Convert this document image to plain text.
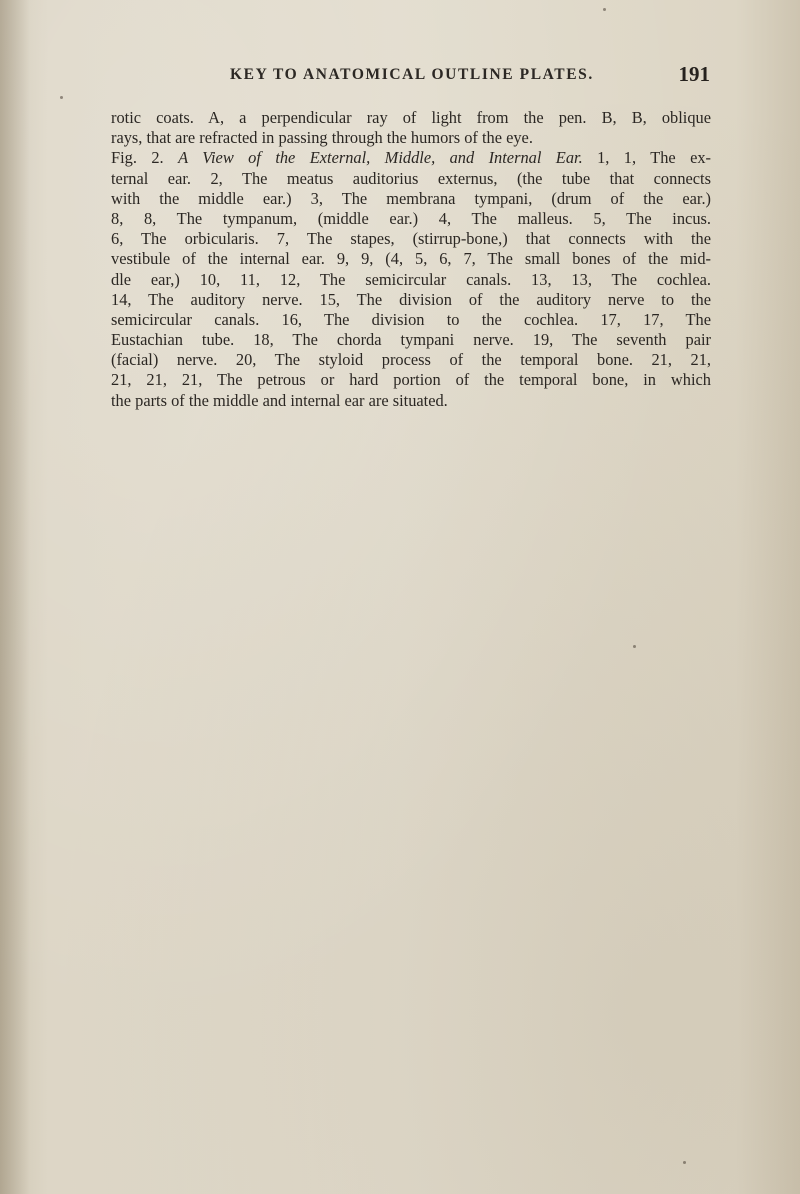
KEY TO ANATOMICAL OUTLINE PLATES.	191
rotic coats. A, a perpendicular ray of light from the pen. B, B, oblique
rays, that are refracted in passing through the humors of the eye.
Fig. 2. A View of the External, Middle, and Internal Ear. 1, 1, The ex-
ternal ear. 2, The meatus auditorius externus, (the tube that connects
with the middle ear.) 3, The membrana tympani, (drum of the ear.)
8, 8, The tympanum, (middle ear.) 4, The malleus. 5, The incus.
6, The orbicularis. 7, The stapes, (stirrup-bone,) that connects with the
vestibule of the internal ear. 9, 9, (4, 5, 6, 7, The small bones of the mid-
dle ear,) 10, 11, 12, The semicircular canals. 13, 13, The cochlea.
14, The auditory nerve. 15, The division of the auditory nerve to the
semicircular canals. 16, The division to the cochlea. 17, 17, The
Eustachian tube. 18, The chorda tympani nerve. 19, The seventh pair
(facial) nerve. 20, The styloid process of the temporal bone. 21, 21,
21, 21, 21, The petrous or hard portion of the temporal bone, in which
the parts of the middle and internal ear are situated.
